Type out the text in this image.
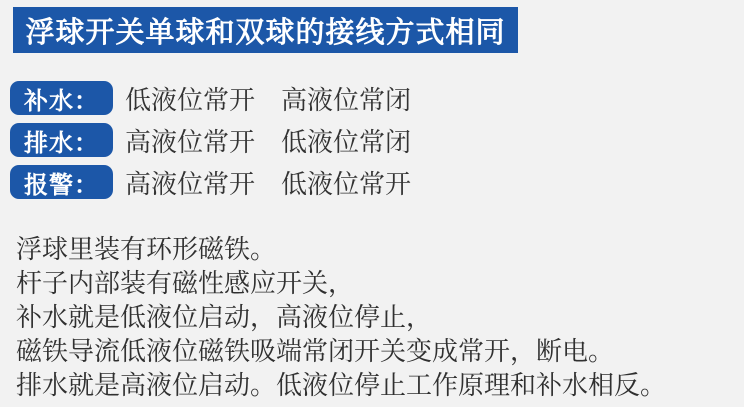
浮球开关单球和双球的接线方式相同
补水：	低液位常开　高液位常闭
排水：	高液位常开　低液位常闭
报警：	高液位常开　低液位常开

浮球里装有环形磁铁。

杆子内部装有磁性感应开关，

补水就是低液位启动，高液位停止，

磁铁导流低液位磁铁吸端常闭开关变成常开，断电。

排水就是高液位启动。低液位停止工作原理和补水相反。
